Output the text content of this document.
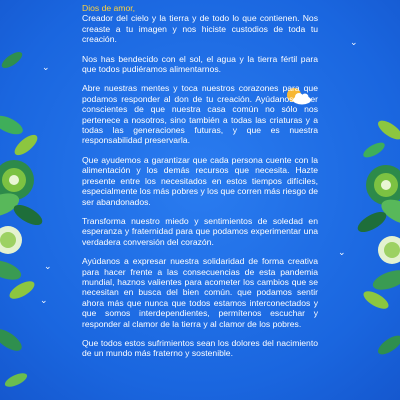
⌄
⌄
⌄
⌄
⌄

Dios de amor,

Creador del cielo y la tierra y de todo lo que contienen. Nos creaste a tu imagen y nos hiciste custodios de toda tu creación.

Nos has bendecido con el sol, el agua y la tierra fértil para que todos pudiéramos alimentarnos.

Abre nuestras mentes y toca nuestros corazones para que podamos responder al don de tu creación. Ayúdanos a ser conscientes de que nuestra casa común no sólo nos pertenece a nosotros, sino también a todas las criaturas y a todas las generaciones futuras, y que es nuestra responsabilidad preservarla.

Que ayudemos a garantizar que cada persona cuente con la alimentación y los demás recursos que necesita. Hazte presente entre los necesitados en estos tiempos difíciles, especialmente los más pobres y los que corren más riesgo de ser abandonados.

Transforma nuestro miedo y sentimientos de soledad en esperanza y fraternidad para que podamos experimentar una verdadera conversión del corazón.

Ayúdanos a expresar nuestra solidaridad de forma creativa para hacer frente a las consecuencias de esta pandemia mundial, haznos valientes para acometer los cambios que se necesitan en busca del bien común. que podamos sentir ahora más que nunca que todos estamos interconectados y que somos interdependientes, permítenos escuchar y responder al clamor de la tierra y al clamor de los pobres.

Que todos estos sufrimientos sean los dolores del nacimiento de un mundo más fraterno y sostenible.
